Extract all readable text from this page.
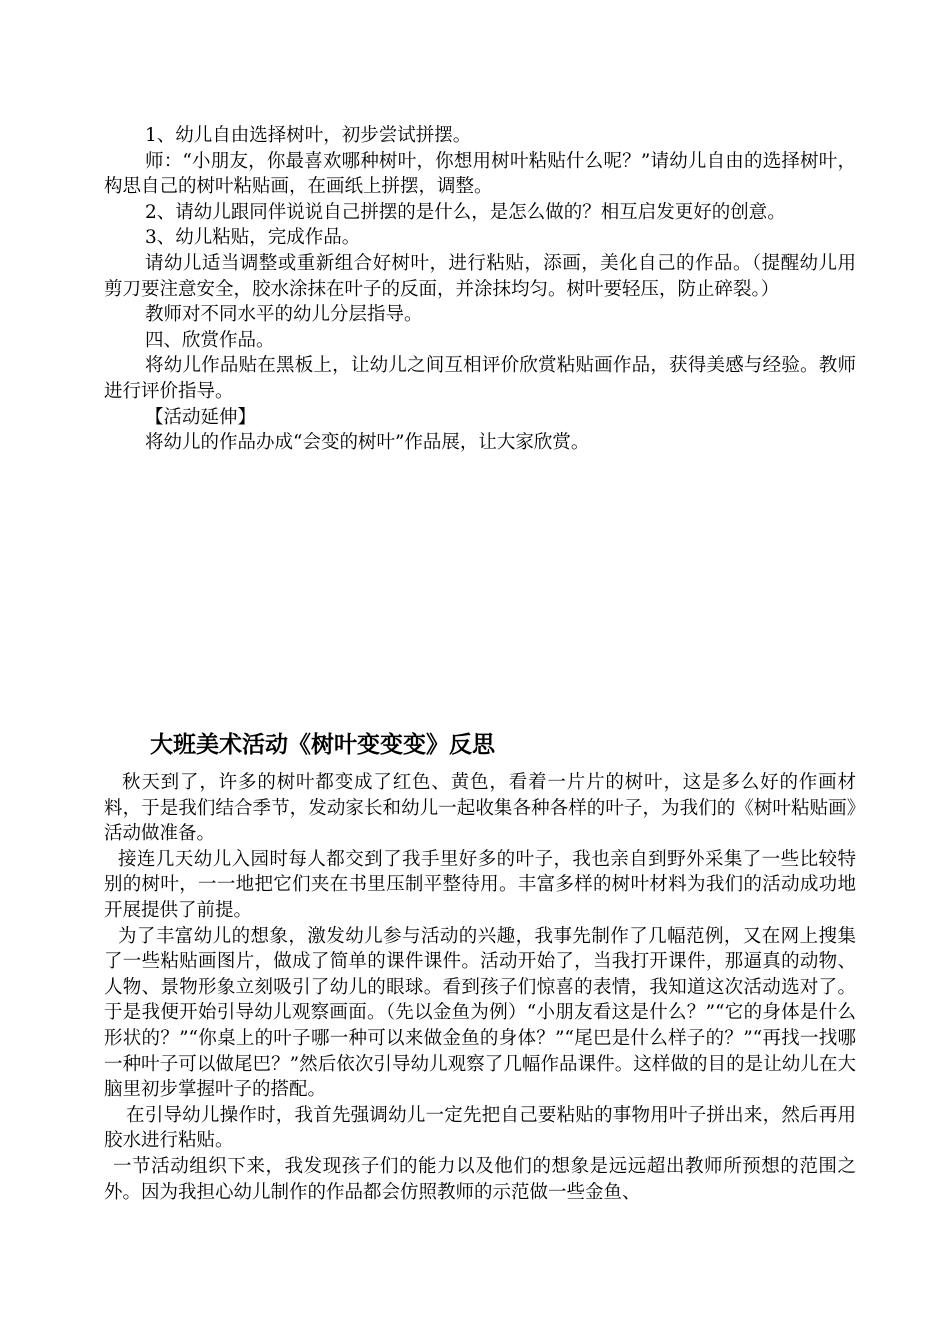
1、幼儿自由选择树叶，初步尝试拼摆。

师：“小朋友，你最喜欢哪种树叶，你想用树叶粘贴什么呢？”请幼儿自由的选择树叶，构思自己的树叶粘贴画，在画纸上拼摆，调整。

2、请幼儿跟同伴说说自己拼摆的是什么，是怎么做的？相互启发更好的创意。

3、幼儿粘贴，完成作品。

请幼儿适当调整或重新组合好树叶，进行粘贴，添画，美化自己的作品。（提醒幼儿用剪刀要注意安全，胶水涂抹在叶子的反面，并涂抹均匀。树叶要轻压，防止碎裂。）

教师对不同水平的幼儿分层指导。

四、欣赏作品。

将幼儿作品贴在黑板上，让幼儿之间互相评价欣赏粘贴画作品，获得美感与经验。教师进行评价指导。

【活动延伸】

将幼儿的作品办成“会变的树叶”作品展，让大家欣赏。

大班美术活动《树叶变变变》反思

秋天到了，许多的树叶都变成了红色、黄色，看着一片片的树叶，这是多么好的作画材料，于是我们结合季节，发动家长和幼儿一起收集各种各样的叶子，为我们的《树叶粘贴画》活动做准备。

接连几天幼儿入园时每人都交到了我手里好多的叶子，我也亲自到野外采集了一些比较特别的树叶，一一地把它们夹在书里压制平整待用。丰富多样的树叶材料为我们的活动成功地开展提供了前提。

为了丰富幼儿的想象，激发幼儿参与活动的兴趣，我事先制作了几幅范例，又在网上搜集了一些粘贴画图片，做成了简单的课件课件。活动开始了，当我打开课件，那逼真的动物、人物、景物形象立刻吸引了幼儿的眼球。看到孩子们惊喜的表情，我知道这次活动选对了。于是我便开始引导幼儿观察画面。（先以金鱼为例）“小朋友看这是什么？”“它的身体是什么形状的？”“你桌上的叶子哪一种可以来做金鱼的身体？”“尾巴是什么样子的？”“再找一找哪一种叶子可以做尾巴？”然后依次引导幼儿观察了几幅作品课件。这样做的目的是让幼儿在大脑里初步掌握叶子的搭配。

在引导幼儿操作时，我首先强调幼儿一定先把自己要粘贴的事物用叶子拼出来，然后再用胶水进行粘贴。

一节活动组织下来，我发现孩子们的能力以及他们的想象是远远超出教师所预想的范围之外。因为我担心幼儿制作的作品都会仿照教师的示范做一些金鱼、
